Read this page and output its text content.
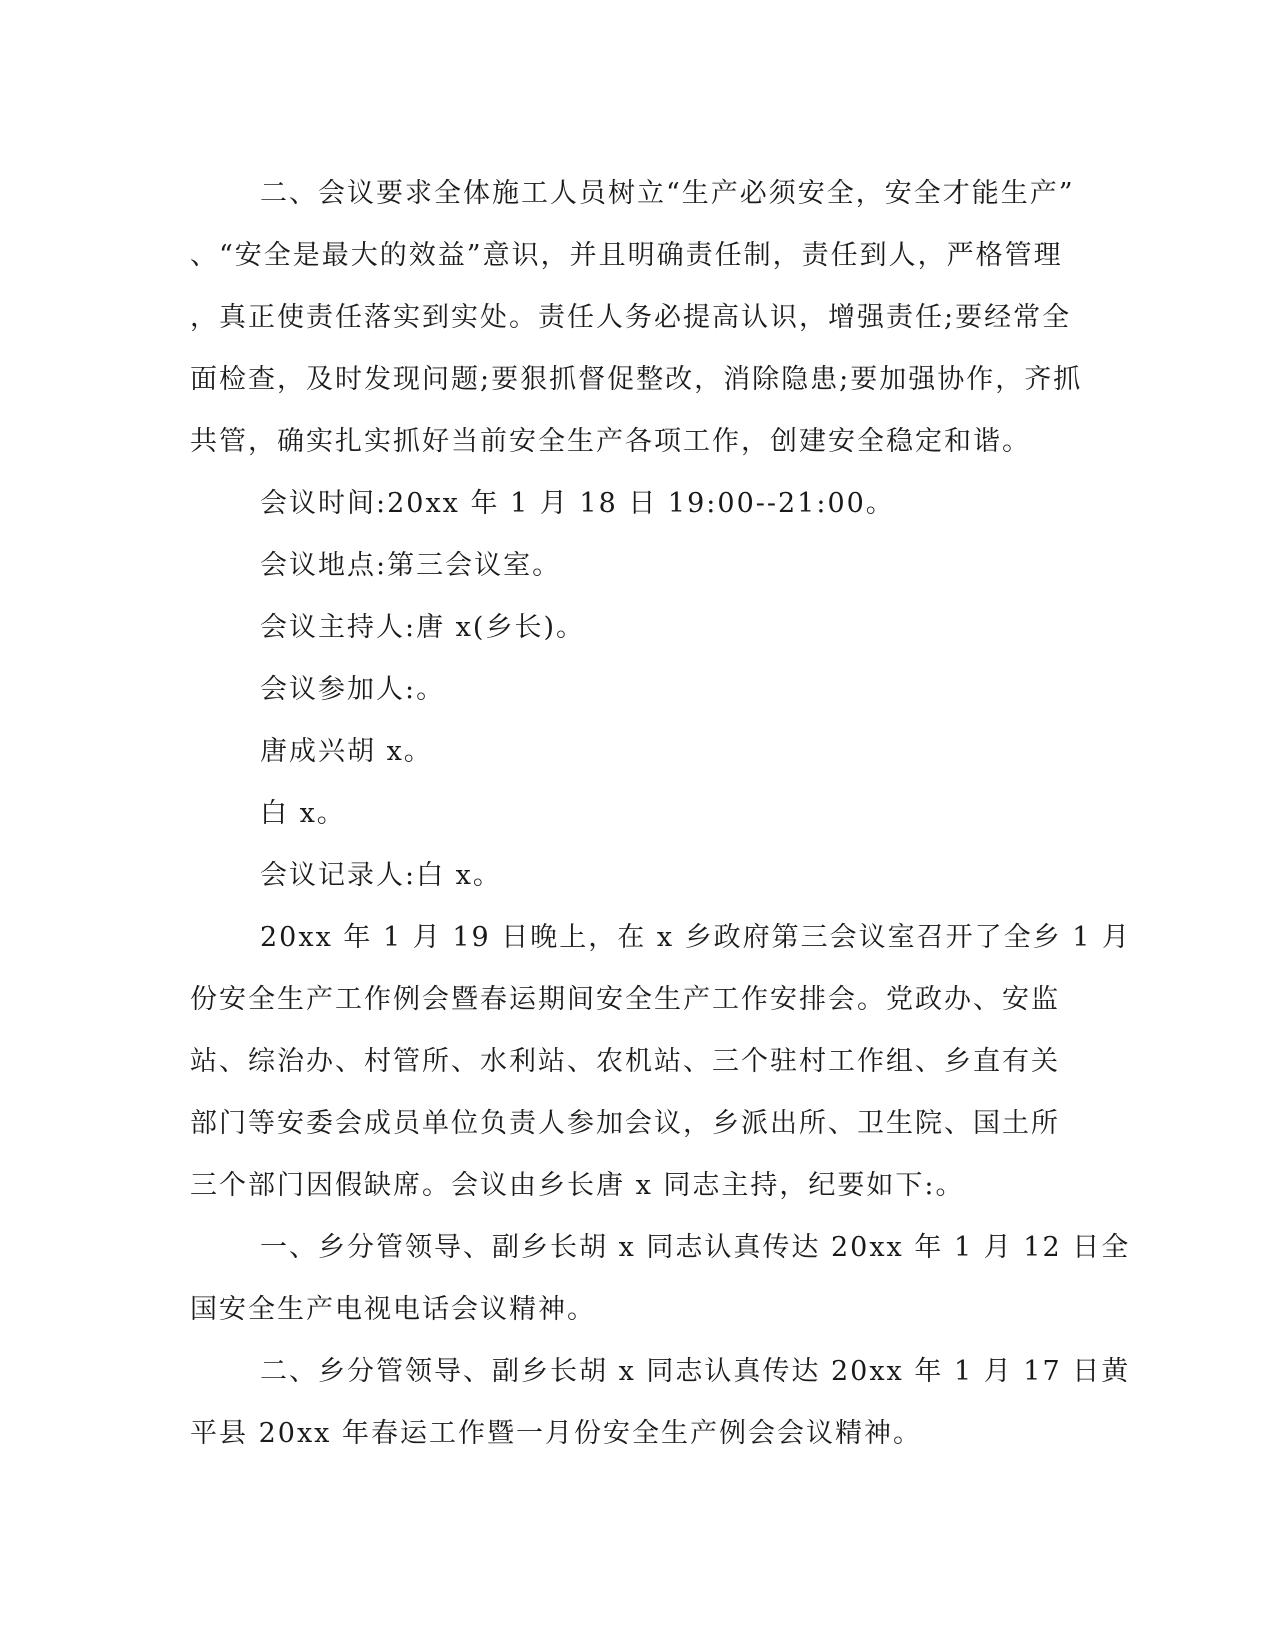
二、会议要求全体施工人员树立“生产必须安全，安全才能生产”
、“安全是最大的效益”意识，并且明确责任制，责任到人，严格管理
，真正使责任落实到实处。责任人务必提高认识，增强责任;要经常全
面检查，及时发现问题;要狠抓督促整改，消除隐患;要加强协作，齐抓
共管，确实扎实抓好当前安全生产各项工作，创建安全稳定和谐。
会议时间:20xx 年 1 月 18 日 19:00--21:00。
会议地点:第三会议室。
会议主持人:唐 x(乡长)。
会议参加人:。
唐成兴胡 x。
白 x。
会议记录人:白 x。
20xx 年 1 月 19 日晚上，在 x 乡政府第三会议室召开了全乡 1 月
份安全生产工作例会暨春运期间安全生产工作安排会。党政办、安监
站、综治办、村管所、水利站、农机站、三个驻村工作组、乡直有关
部门等安委会成员单位负责人参加会议，乡派出所、卫生院、国土所
三个部门因假缺席。会议由乡长唐 x 同志主持，纪要如下:。
一、乡分管领导、副乡长胡 x 同志认真传达 20xx 年 1 月 12 日全
国安全生产电视电话会议精神。
二、乡分管领导、副乡长胡 x 同志认真传达 20xx 年 1 月 17 日黄
平县 20xx 年春运工作暨一月份安全生产例会会议精神。
